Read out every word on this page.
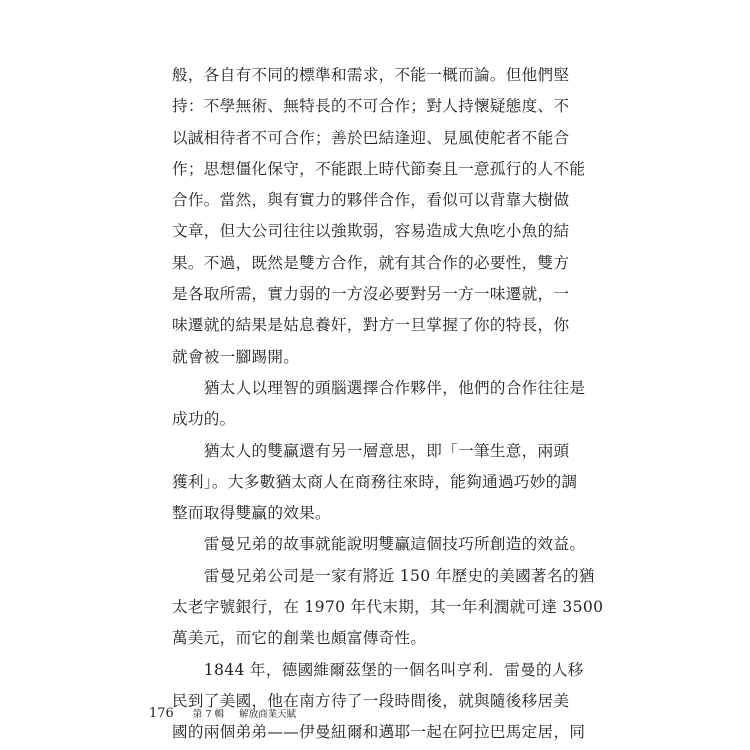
般，各自有不同的標準和需求，不能一概而論。但他們堅
持：不學無術、無特長的不可合作；對人持懷疑態度、不
以誠相待者不可合作；善於巴結逢迎、見風使舵者不能合
作；思想僵化保守，不能跟上時代節奏且一意孤行的人不能
合作。當然，與有實力的夥伴合作，看似可以背靠大樹做
文章，但大公司往往以強欺弱，容易造成大魚吃小魚的結
果。不過，既然是雙方合作，就有其合作的必要性，雙方
是各取所需，實力弱的一方沒必要對另一方一味遷就，一
味遷就的結果是姑息養奸，對方一旦掌握了你的特長，你
就會被一腳踢開。
　　猶太人以理智的頭腦選擇合作夥伴，他們的合作往往是
成功的。
　　猶太人的雙贏還有另一層意思，即「一筆生意，兩頭
獲利」。大多數猶太商人在商務往來時，能夠通過巧妙的調
整而取得雙贏的效果。
　　雷曼兄弟的故事就能說明雙贏這個技巧所創造的效益。
　　雷曼兄弟公司是一家有將近 150 年歷史的美國著名的猶
太老字號銀行，在 1970 年代末期，其一年利潤就可達 3500
萬美元，而它的創業也頗富傳奇性。
　　1844 年，德國維爾茲堡的一個名叫亨利．雷曼的人移
民到了美國，他在南方待了一段時間後，就與隨後移居美
國的兩個弟弟——伊曼紐爾和邁耶一起在阿拉巴馬定居，同
176 第 7 輯 解放商業天賦
